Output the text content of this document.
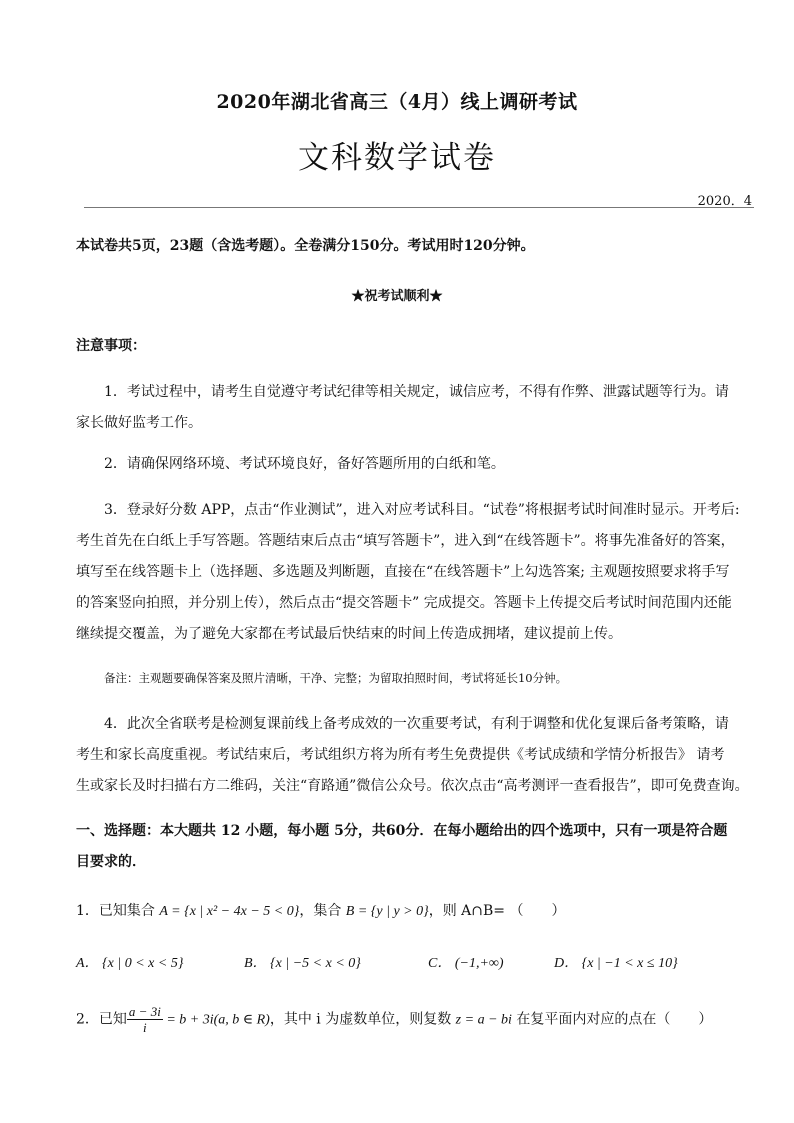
2020年湖北省高三（4月）线上调研考试
文科数学试卷
2020．4
本试卷共5页，23题（含选考题）。全卷满分150分。考试用时120分钟。
★祝考试顺利★
注意事项：
1．考试过程中，请考生自觉遵守考试纪律等相关规定，诚信应考，不得有作弊、泄露试题等行为。请
家长做好监考工作。
2．请确保网络环境、考试环境良好，备好答题所用的白纸和笔。
3．登录好分数 APP，点击“作业测试”，进入对应考试科目。“试卷”将根据考试时间准时显示。开考后:
考生首先在白纸上手写答题。答题结束后点击“填写答题卡”，进入到“在线答题卡”。将事先准备好的答案，
填写至在线答题卡上（选择题、多选题及判断题，直接在“在线答题卡”上勾选答案; 主观题按照要求将手写
的答案竖向拍照，并分别上传），然后点击“提交答题卡” 完成提交。答题卡上传提交后考试时间范围内还能
继续提交覆盖，为了避免大家都在考试最后快结束的时间上传造成拥堵，建议提前上传。
备注：主观题要确保答案及照片清晰，干净、完整；为留取拍照时间，考试将延长10分钟。
4．此次全省联考是检测复课前线上备考成效的一次重要考试，有利于调整和优化复课后备考策略，请
考生和家长高度重视。考试结束后，考试组织方将为所有考生免费提供《考试成绩和学情分析报告》 请考
生或家长及时扫描右方二维码，关注“育路通”微信公众号。依次点击“高考测评一查看报告”，即可免费查询。
一、选择题：本大题共 12 小题，每小题 5分，共60分．在每小题给出的四个选项中，只有一项是符合题
目要求的．
1．已知集合 A = {x | x² − 4x − 5 < 0}，集合 B = {y | y > 0}，则 A∩B= （　　）
A． {x | 0 < x < 5}	B． {x | −5 < x < 0}	C． (−1,+∞)	D． {x | −1 < x ≤ 10}
2．已知 $\frac{a - 3i}{i} = b + 3i(a$, b ∈ R)，其中 i 为虚数单位，则复数 z = a − bi 在复平面内对应的点在（　　）
